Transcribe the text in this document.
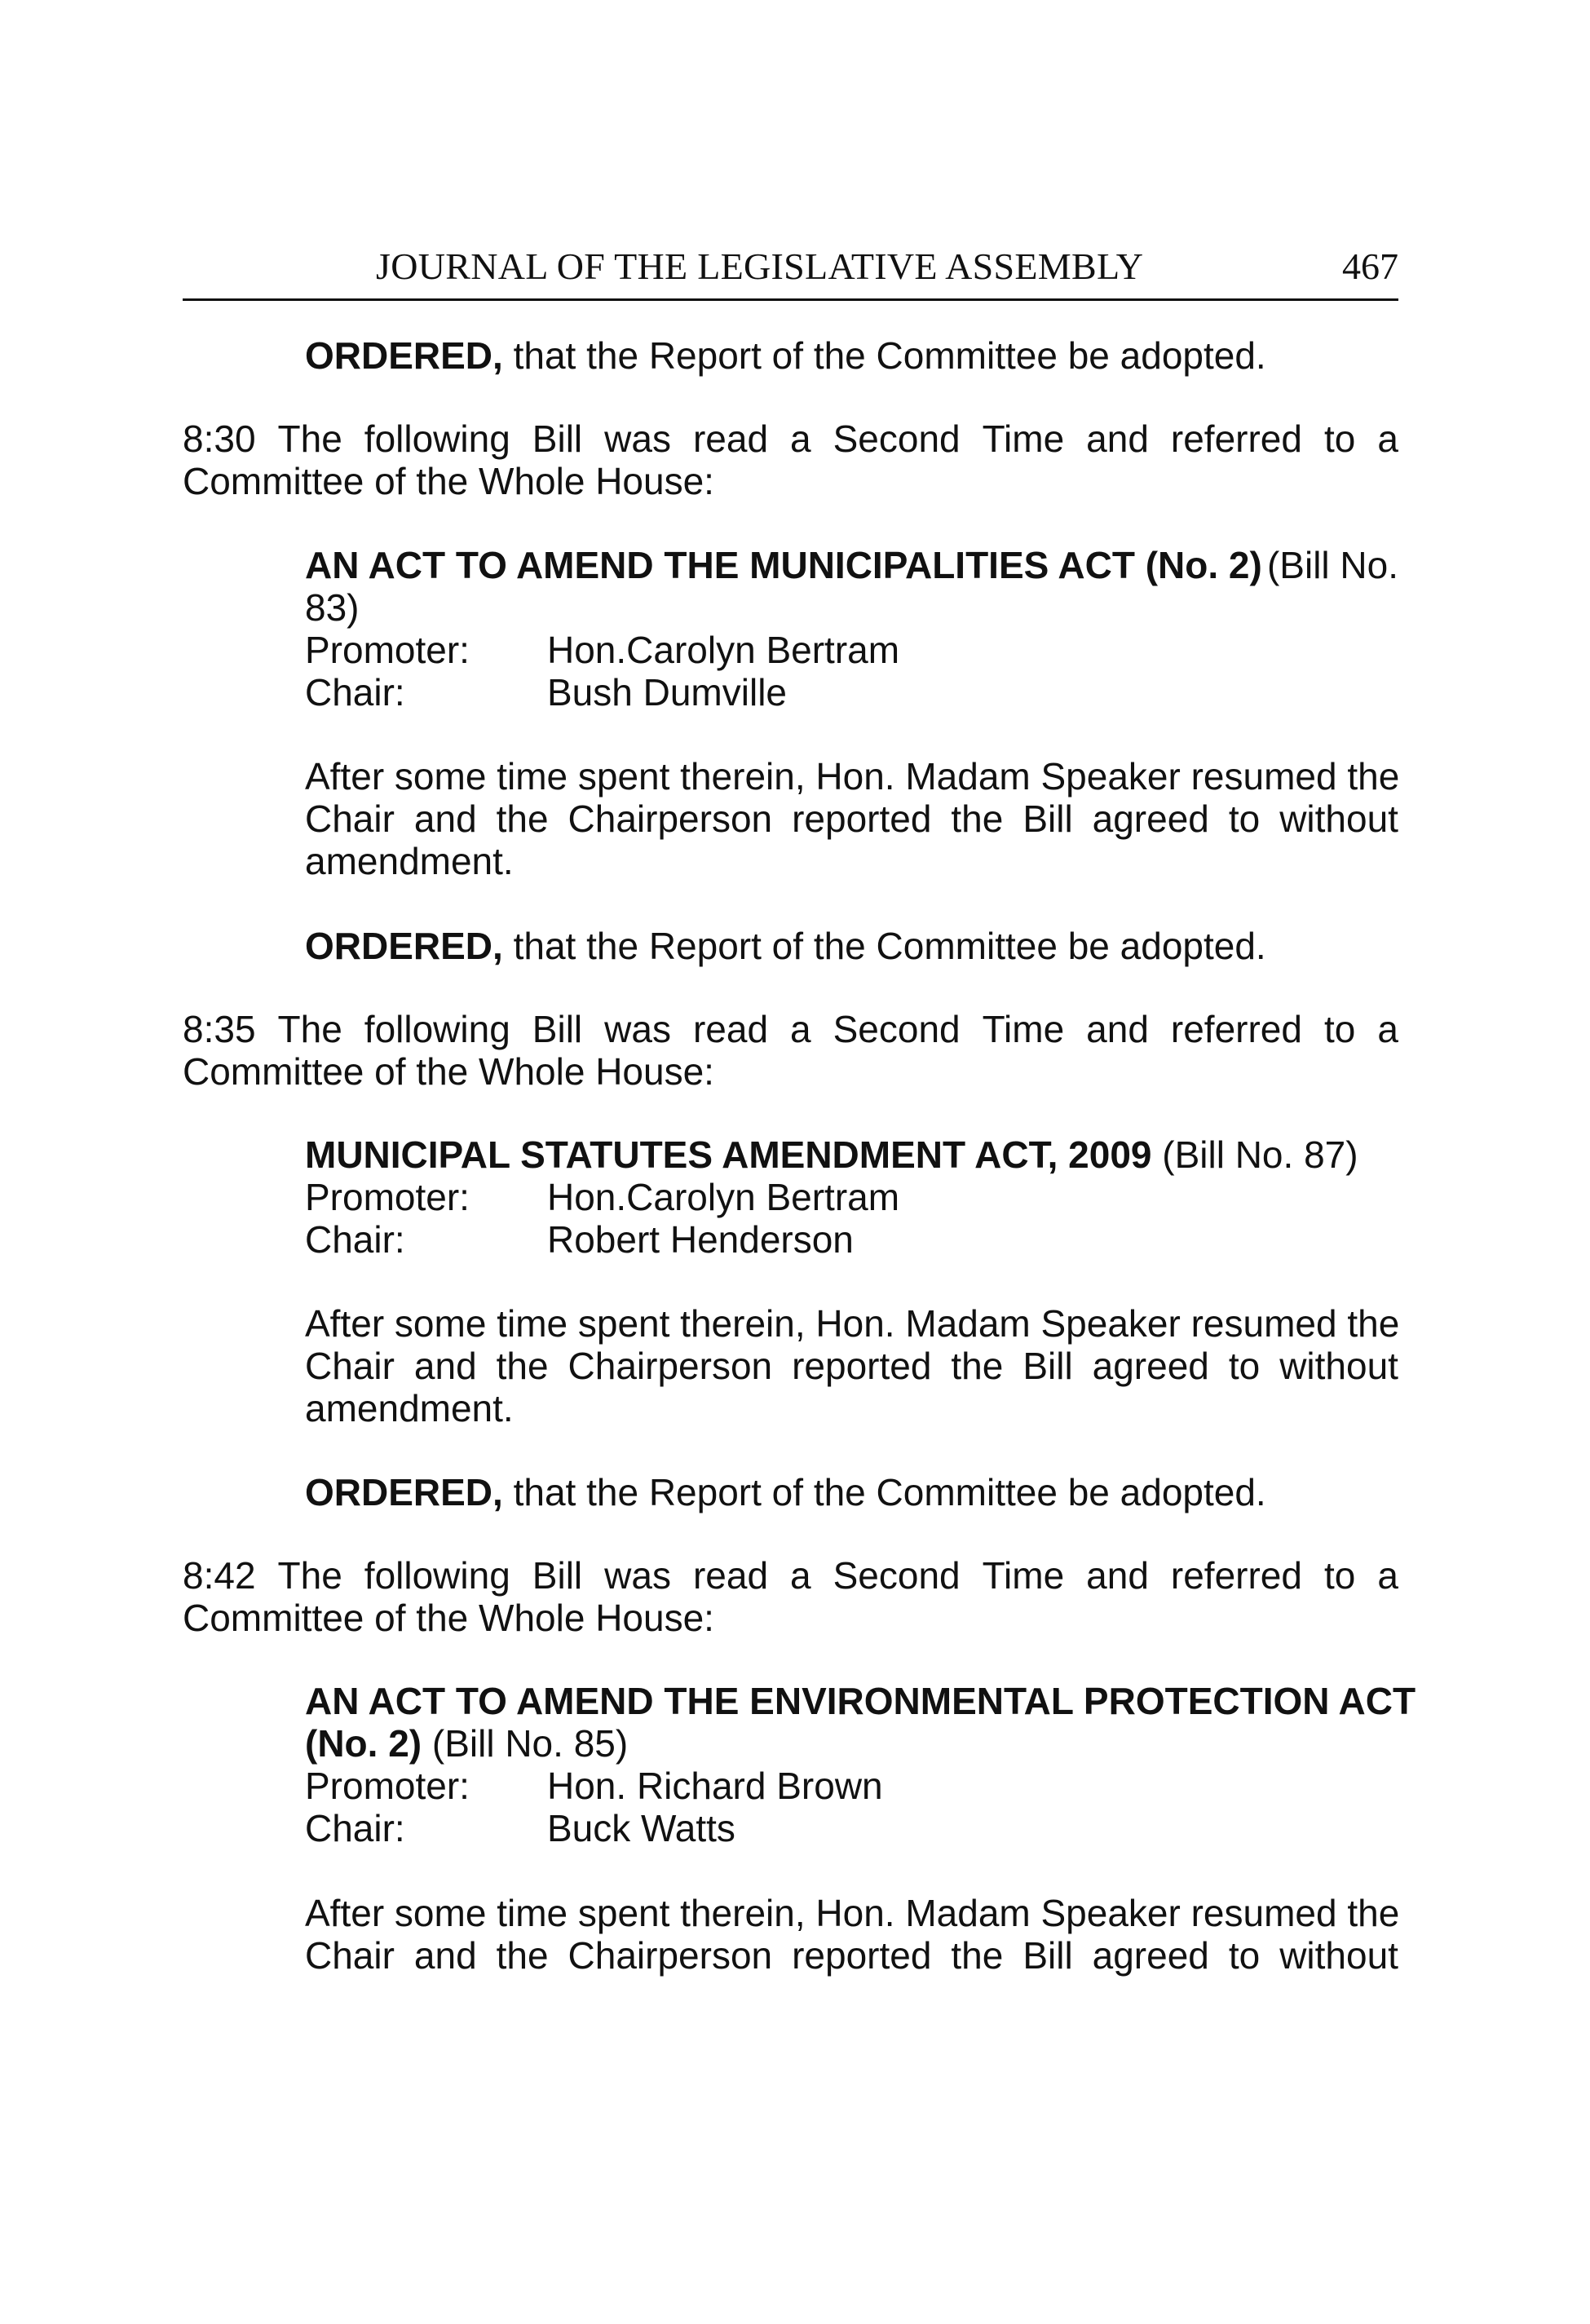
JOURNAL OF THE LEGISLATIVE ASSEMBLY	467
ORDERED, that the Report of the Committee be adopted.
8:30 The following Bill was read a Second Time and referred to a
Committee of the Whole House:
AN ACT TO AMEND THE MUNICIPALITIES ACT (No. 2) (Bill No.
83)
Promoter:	Hon.Carolyn Bertram
Chair:	Bush Dumville
After some time spent therein, Hon. Madam Speaker resumed the
Chair and the Chairperson reported the Bill agreed to without
amendment.
ORDERED, that the Report of the Committee be adopted.
8:35 The following Bill was read a Second Time and referred to a
Committee of the Whole House:
MUNICIPAL STATUTES AMENDMENT ACT, 2009 (Bill No. 87)
Promoter:	Hon.Carolyn Bertram
Chair:	Robert Henderson
After some time spent therein, Hon. Madam Speaker resumed the
Chair and the Chairperson reported the Bill agreed to without
amendment.
ORDERED, that the Report of the Committee be adopted.
8:42 The following Bill was read a Second Time and referred to a
Committee of the Whole House:
AN ACT TO AMEND THE ENVIRONMENTAL PROTECTION ACT
(No. 2) (Bill No. 85)
Promoter:	Hon. Richard Brown
Chair:	Buck Watts
After some time spent therein, Hon. Madam Speaker resumed the
Chair and the Chairperson reported the Bill agreed to without
